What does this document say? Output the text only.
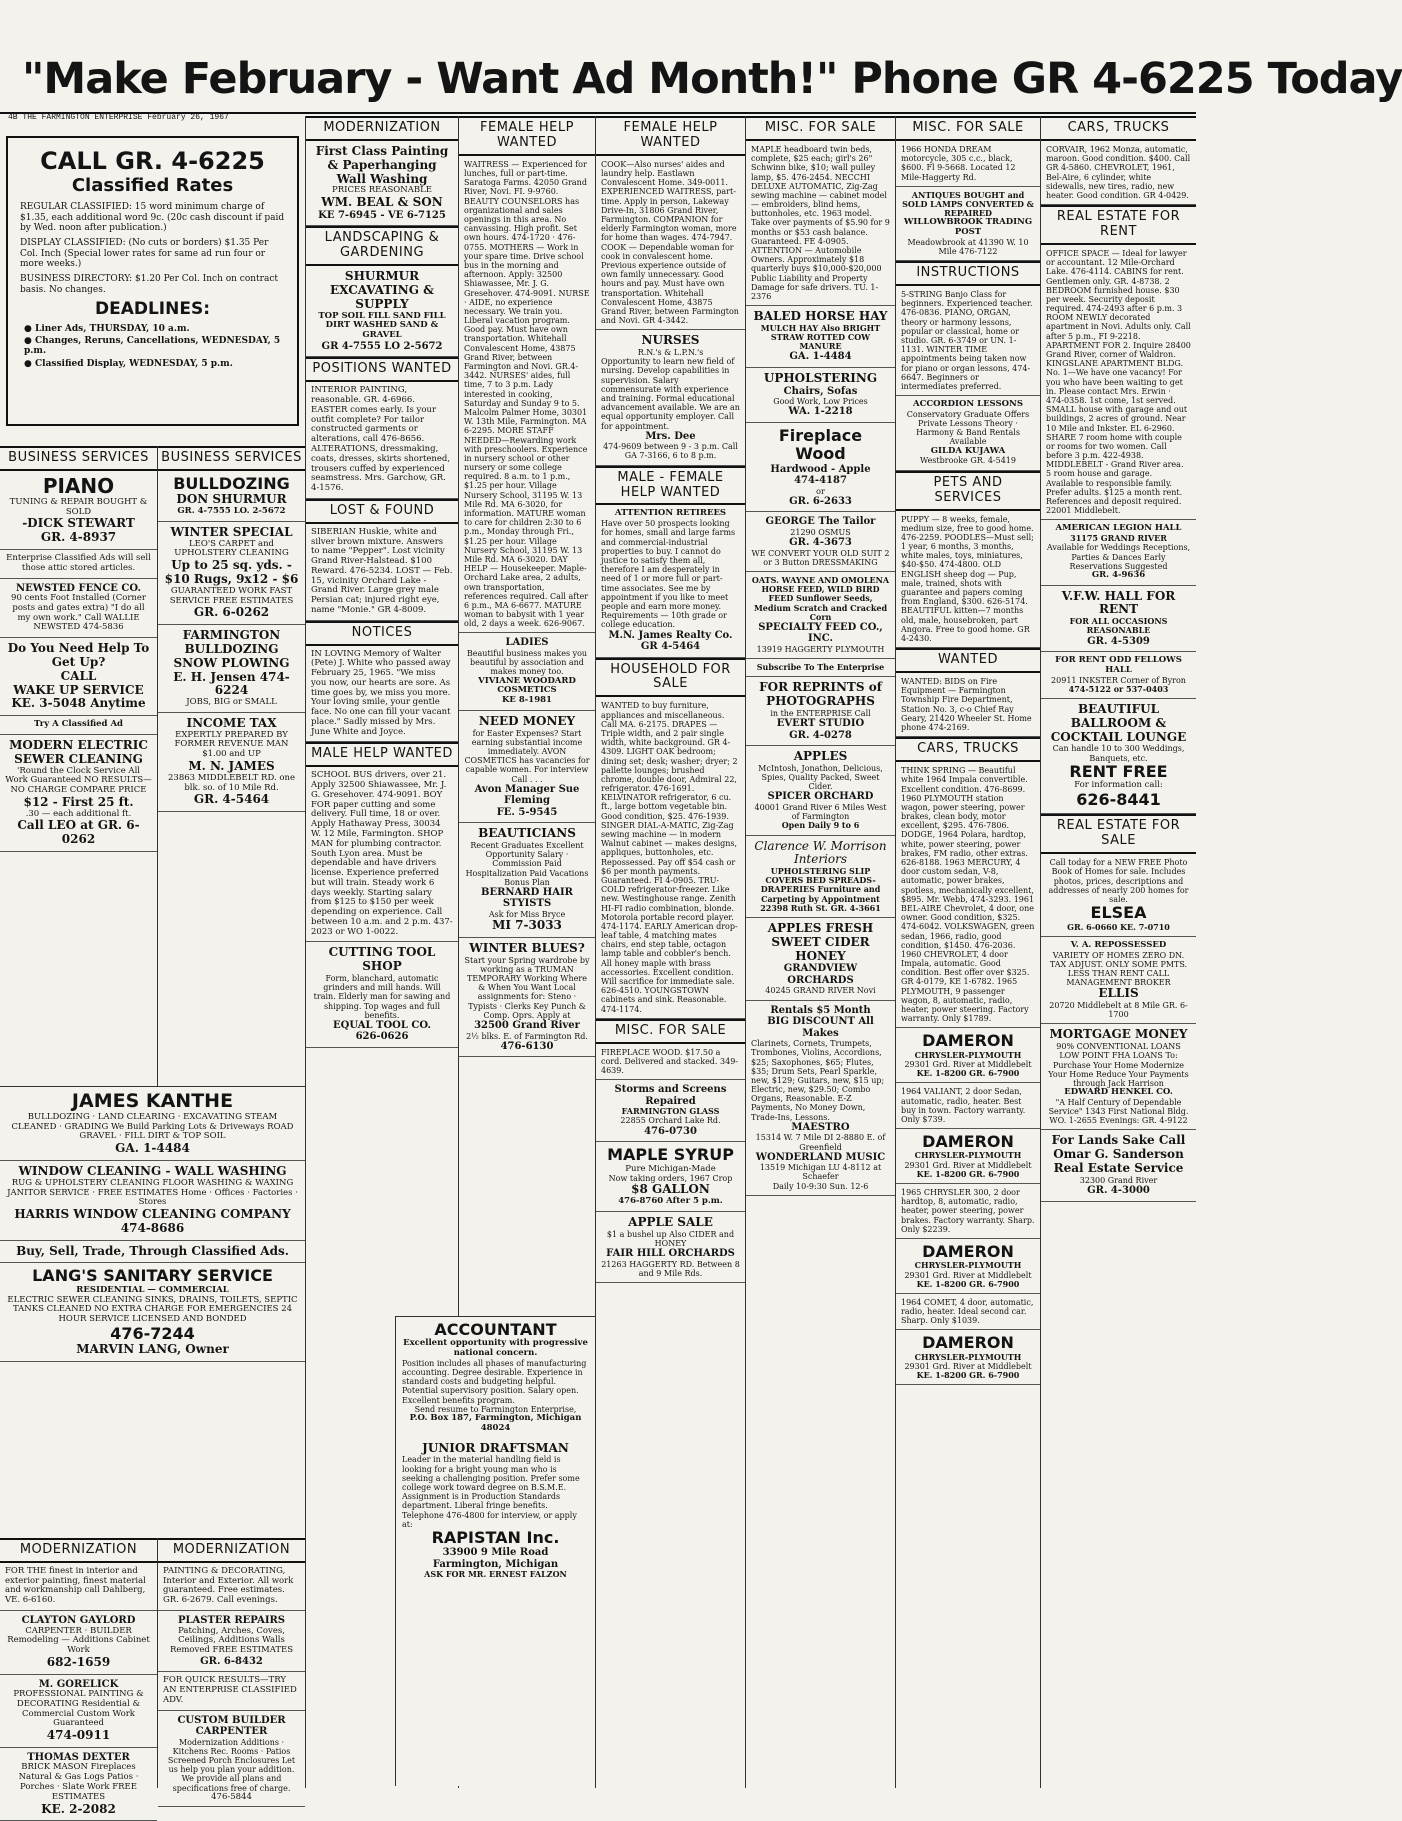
"Make February - Want Ad Month!" Phone GR 4-6225 Today
4B THE FARMINGTON ENTERPRISE February 26, 1967
CALL GR. 4-6225
Classified Rates

REGULAR CLASSIFIED: 15 word minimum charge of $1.35, each additional word 9c. (20c cash discount if paid by Wed. noon after publication.)

DISPLAY CLASSIFIED: (No cuts or borders) $1.35 Per Col. Inch (Special lower rates for same ad run four or more weeks.)

BUSINESS DIRECTORY: $1.20 Per Col. Inch on contract basis. No changes.

DEADLINES:
● Liner Ads, THURSDAY, 10 a.m.
● Changes, Reruns, Cancellations, WEDNESDAY, 5 p.m.
● Classified Display, WEDNESDAY, 5 p.m.
BUSINESS SERVICES
PIANO
TUNING & REPAIR BOUGHT & SOLD
-DICK STEWART
GR. 4-8937
Enterprise Classified Ads will sell those attic stored articles.
NEWSTED FENCE CO.
90 cents Foot Installed (Corner posts and gates extra) "I do all my own work." Call WALLIE NEWSTED 474-5836
Do You Need Help To Get Up?
CALL
WAKE UP SERVICE
KE. 3-5048 Anytime
Try A Classified Ad
MODERN ELECTRIC SEWER CLEANING
'Round the Clock Service All Work Guaranteed NO RESULTS—NO CHARGE COMPARE PRICE
$12 - First 25 ft.
.30 — each additional ft.
Call LEO at GR. 6-0262
BUSINESS SERVICES
BULLDOZING
DON SHURMUR
GR. 4-7555 LO. 2-5672
WINTER SPECIAL
LEO'S CARPET and UPHOLSTERY CLEANING
Up to 25 sq. yds. - $10 Rugs, 9x12 - $6
GUARANTEED WORK FAST SERVICE FREE ESTIMATES
GR. 6-0262
FARMINGTON BULLDOZING SNOW PLOWING
E. H. Jensen 474-6224
JOBS, BIG or SMALL
INCOME TAX
EXPERTLY PREPARED BY FORMER REVENUE MAN $1.00 and UP
M. N. JAMES
23863 MIDDLEBELT RD. one blk. so. of 10 Mile Rd.
GR. 4-5464
JAMES KANTHE
BULLDOZING · LAND CLEARING · EXCAVATING STEAM CLEANED · GRADING We Build Parking Lots & Driveways ROAD GRAVEL · FILL DIRT & TOP SOIL
GA. 1-4484
WINDOW CLEANING - WALL WASHING
RUG & UPHOLSTERY CLEANING FLOOR WASHING & WAXING JANITOR SERVICE · FREE ESTIMATES Home · Offices · Factories · Stores
HARRIS WINDOW CLEANING COMPANY
474-8686
Buy, Sell, Trade, Through Classified Ads.
LANG'S SANITARY SERVICE
RESIDENTIAL — COMMERCIAL
ELECTRIC SEWER CLEANING SINKS, DRAINS, TOILETS, SEPTIC TANKS CLEANED NO EXTRA CHARGE FOR EMERGENCIES 24 HOUR SERVICE LICENSED AND BONDED
476-7244
MARVIN LANG, Owner
MODERNIZATION
FOR THE finest in interior and exterior painting, finest material and workmanship call Dahlberg, VE. 6-6160.
CLAYTON GAYLORD
CARPENTER · BUILDER Remodeling — Additions Cabinet Work
682-1659
M. GORELICK
PROFESSIONAL PAINTING & DECORATING Residential & Commercial Custom Work Guaranteed
474-0911
THOMAS DEXTER
BRICK MASON Fireplaces Natural & Gas Logs Patios · Porches · Slate Work FREE ESTIMATES
KE. 2-2082
MODERNIZATION
PAINTING & DECORATING, Interior and Exterior. All work guaranteed. Free estimates. GR. 6-2679. Call evenings.
PLASTER REPAIRS
Patching, Arches, Coves, Ceilings, Additions Walls Removed FREE ESTIMATES
GR. 6-8432
FOR QUICK RESULTS—TRY AN ENTERPRISE CLASSIFIED ADV.
CUSTOM BUILDER CARPENTER
Modernization Additions · Kitchens Rec. Rooms · Patios Screened Porch Enclosures Let us help you plan your addition. We provide all plans and specifications free of charge.
476-5844
MODERNIZATION
First Class Painting & Paperhanging Wall Washing
PRICES REASONABLE
WM. BEAL & SON
KE 7-6945 - VE 6-7125
LANDSCAPING & GARDENING
SHURMUR EXCAVATING & SUPPLY
TOP SOIL FILL SAND FILL DIRT WASHED SAND & GRAVEL
GR 4-7555 LO 2-5672
POSITIONS WANTED
INTERIOR PAINTING, reasonable. GR. 4-6966. EASTER comes early. Is your outfit complete? For tailor constructed garments or alterations, call 476-8656. ALTERATIONS, dressmaking, coats, dresses, skirts shortened, trousers cuffed by experienced seamstress. Mrs. Garchow, GR. 4-1576.
LOST & FOUND
SIBERIAN Huskie, white and silver brown mixture. Answers to name "Pepper". Lost vicinity Grand River-Halstead. $100 Reward. 476-5234. LOST — Feb. 15, vicinity Orchard Lake - Grand River. Large grey male Persian cat; injured right eye, name "Monie." GR 4-8009.
NOTICES
IN LOVING Memory of Walter (Pete) J. White who passed away February 25, 1965. "We miss you now, our hearts are sore. As time goes by, we miss you more. Your loving smile, your gentle face. No one can fill your vacant place." Sadly missed by Mrs. June White and Joyce.
MALE HELP WANTED
SCHOOL BUS drivers, over 21. Apply 32500 Shiawassee, Mr. J. G. Gresehover. 474-9091. BOY FOR paper cutting and some delivery. Full time, 18 or over. Apply Hathaway Press, 30034 W. 12 Mile, Farmington. SHOP MAN for plumbing contractor. South Lyon area. Must be dependable and have drivers license. Experience preferred but will train. Steady work 6 days weekly. Starting salary from $125 to $150 per week depending on experience. Call between 10 a.m. and 2 p.m. 437-2023 or WO 1-0022.
CUTTING TOOL SHOP
Form, blanchard, automatic grinders and mill hands. Will train. Elderly man for sawing and shipping. Top wages and full benefits.
EQUAL TOOL CO.
626-0626
FEMALE HELP WANTED
WAITRESS — Experienced for lunches, full or part-time. Saratoga Farms. 42050 Grand River, Novi. FI. 9-9760. BEAUTY COUNSELORS has organizational and sales openings in this area. No canvassing. High profit. Set own hours. 474-1720 · 476-0755. MOTHERS — Work in your spare time. Drive school bus in the morning and afternoon. Apply: 32500 Shiawassee, Mr. J. G. Gresehover. 474-9091. NURSE · AIDE, no experience necessary. We train you. Liberal vacation program. Good pay. Must have own transportation. Whitehall Convalescent Home, 43875 Grand River, between Farmington and Novi. GR.4-3442. NURSES' aides, full time, 7 to 3 p.m. Lady interested in cooking, Saturday and Sunday 9 to 5. Malcolm Palmer Home, 30301 W. 13th Mile, Farmington. MA 6-2295. MORE STAFF NEEDED—Rewarding work with preschoolers. Experience in nursery school or other nursery or some college required. 8 a.m. to 1 p.m., $1.25 per hour. Village Nursery School, 31195 W. 13 Mile Rd. MA 6-3020, for information. MATURE woman to care for children 2:30 to 6 p.m., Monday through Fri., $1.25 per hour. Village Nursery School, 31195 W. 13 Mile Rd. MA 6-3020. DAY HELP — Housekeeper. Maple-Orchard Lake area, 2 adults, own transportation, references required. Call after 6 p.m., MA 6-6677. MATURE woman to babysit with 1 year old, 2 days a week. 626-9067.
LADIES
Beautiful business makes you beautiful by association and makes money too.
VIVIANE WOODARD COSMETICS
KE 8-1981
NEED MONEY
for Easter Expenses? Start earning substantial income immediately. AVON COSMETICS has vacancies for capable women. For interview Call . . .
Avon Manager Sue Fleming
FE. 5-9545
BEAUTICIANS
Recent Graduates Excellent Opportunity Salary · Commission Paid Hospitalization Paid Vacations Bonus Plan
BERNARD HAIR STYISTS
Ask for Miss Bryce
MI 7-3033
WINTER BLUES?
Start your Spring wardrobe by working as a TRUMAN TEMPORARY Working Where & When You Want Local assignments for: Steno · Typists · Clerks Key Punch & Comp. Oprs. Apply at
32500 Grand River
2½ blks. E. of Farmington Rd.
476-6130
FEMALE HELP WANTED
COOK—Also nurses' aides and laundry help. Eastlawn Convalescent Home. 349-0011. EXPERIENCED WAITRESS, part-time. Apply in person, Lakeway Drive-In, 31806 Grand River, Farmington. COMPANION for elderly Farmington woman, more for home than wages. 474-7947. COOK — Dependable woman for cook in convalescent home. Previous experience outside of own family unnecessary. Good hours and pay. Must have own transportation. Whitehall Convalescent Home, 43875 Grand River, between Farmington and Novi. GR 4-3442.
NURSES
R.N.'s & L.P.N.'s
Opportunity to learn new field of nursing. Develop capabilities in supervision. Salary commensurate with experience and training. Formal educational advancement available. We are an equal opportunity employer. Call for appointment.
Mrs. Dee
474-9609 between 9 - 3 p.m. Call GA 7-3166, 6 to 8 p.m.
MALE - FEMALE HELP WANTED
ATTENTION RETIREES
Have over 50 prospects looking for homes, small and large farms and commercial-industrial properties to buy. I cannot do justice to satisfy them all, therefore I am desperately in need of 1 or more full or part-time associates. See me by appointment if you like to meet people and earn more money. Requirements — 10th grade or college education.
M.N. James Realty Co.
GR 4-5464
HOUSEHOLD FOR SALE
WANTED to buy furniture, appliances and miscellaneous. Call MA. 6-2175. DRAPES — Triple width, and 2 pair single width, white background. GR 4-4309. LIGHT OAK bedroom; dining set; desk; washer; dryer; 2 pallette lounges; brushed chrome, double door, Admiral 22, refrigerator. 476-1691. KELVINATOR refrigerator, 6 cu. ft., large bottom vegetable bin. Good condition, $25. 476-1939. SINGER DIAL-A-MATIC, Zig-Zag sewing machine — in modern Walnut cabinet — makes designs, appliques, buttonholes, etc. Repossessed. Pay off $54 cash or $6 per month payments. Guaranteed. FI 4-0905. TRU-COLD refrigerator-freezer. Like new. Westinghouse range. Zenith HI-FI radio combination, blonde. Motorola portable record player. 474-1174. EARLY American drop-leaf table, 4 matching mates chairs, end step table, octagon lamp table and cobbler's bench. All honey maple with brass accessories. Excellent condition. Will sacrifice for immediate sale. 626-4510. YOUNGSTOWN cabinets and sink. Reasonable. 474-1174.
MISC. FOR SALE
FIREPLACE WOOD. $17.50 a cord. Delivered and stacked. 349-4639.
Storms and Screens Repaired
FARMINGTON GLASS
22855 Orchard Lake Rd.
476-0730
MAPLE SYRUP
Pure Michigan-Made
Now taking orders, 1967 Crop
$8 GALLON
476-8760 After 5 p.m.
APPLE SALE
$1 a bushel up Also CIDER and HONEY
FAIR HILL ORCHARDS
21263 HAGGERTY RD. Between 8 and 9 Mile Rds.
ACCOUNTANT
Excellent opportunity with progressive national concern.
Position includes all phases of manufacturing accounting. Degree desirable. Experience in standard costs and budgeting helpful. Potential supervisory position. Salary open. Excellent benefits program.
Send resume to Farmington Enterprise,
P.O. Box 187, Farmington, Michigan 48024
JUNIOR DRAFTSMAN
Leader in the material handling field is looking for a bright young man who is seeking a challenging position. Prefer some college work toward degree on B.S.M.E. Assignment is in Production Standards department. Liberal fringe benefits. Telephone 476-4800 for interview, or apply at:
RAPISTAN Inc.
33900 9 Mile Road
Farmington, Michigan
ASK FOR MR. ERNEST FALZON
MISC. FOR SALE
MAPLE headboard twin beds, complete, $25 each; girl's 26" Schwinn bike, $10; wall pulley lamp, $5. 476-2454. NECCHI DELUXE AUTOMATIC, Zig-Zag sewing machine — cabinet model — embroiders, blind hems, buttonholes, etc. 1963 model. Take over payments of $5.90 for 9 months or $53 cash balance. Guaranteed. FE 4-0905. ATTENTION — Automobile Owners. Approximately $18 quarterly buys $10,000-$20,000 Public Liability and Property Damage for safe drivers. TU. 1-2376
BALED HORSE HAY
MULCH HAY Also BRIGHT STRAW ROTTED COW MANURE
GA. 1-4484
UPHOLSTERING
Chairs, Sofas
Good Work, Low Prices
WA. 1-2218
Fireplace Wood
Hardwood - Apple
474-4187
or
GR. 6-2633
GEORGE The Tailor
21290 OSMUS
GR. 4-3673
WE CONVERT YOUR OLD SUIT 2 or 3 Button DRESSMAKING
OATS. WAYNE AND OMOLENA HORSE FEED, WILD BIRD FEED Sunflower Seeds, Medium Scratch and Cracked Corn
SPECIALTY FEED CO., INC.
13919 HAGGERTY PLYMOUTH
Subscribe To The Enterprise
FOR REPRINTS of PHOTOGRAPHS
in the ENTERPRISE Call
EVERT STUDIO
GR. 4-0278
APPLES
McIntosh, Jonathon, Delicious, Spies, Quality Packed, Sweet Cider.
SPICER ORCHARD
40001 Grand River 6 Miles West of Farmington
Open Daily 9 to 6
Clarence W. Morrison Interiors
UPHOLSTERING SLIP COVERS BED SPREADS-DRAPERIES Furniture and Carpeting by Appointment
22398 Ruth St. GR. 4-3661
APPLES FRESH SWEET CIDER HONEY
GRANDVIEW ORCHARDS
40245 GRAND RIVER Novi
Rentals $5 Month
BIG DISCOUNT All Makes
Clarinets, Cornets, Trumpets, Trombones, Violins, Accordions, $25; Saxophones, $65; Flutes, $35; Drum Sets, Pearl Sparkle, new, $129; Guitars, new, $15 up; Electric, new, $29.50; Combo Organs, Reasonable. E-Z Payments, No Money Down, Trade-Ins, Lessons.
MAESTRO
15314 W. 7 Mile DI 2-8880 E. of Greenfield
WONDERLAND MUSIC
13519 Michigan LU 4-8112 at Schaefer
Daily 10-9:30 Sun. 12-6
MISC. FOR SALE
1966 HONDA DREAM motorcycle, 305 c.c., black, $600. Fl 9-5668. Located 12 Mile-Haggerty Rd.
ANTIQUES BOUGHT and SOLD LAMPS CONVERTED & REPAIRED
WILLOWBROOK TRADING POST
Meadowbrook at 41390 W. 10 Mile 476-7122
INSTRUCTIONS
5-STRING Banjo Class for beginners. Experienced teacher. 476-0836. PIANO, ORGAN, theory or harmony lessons, popular or classical, home or studio. GR. 6-3749 or UN. 1-1131. WINTER TIME appointments being taken now for piano or organ lessons, 474-6647. Beginners or intermediates preferred.
ACCORDION LESSONS
Conservatory Graduate Offers Private Lessons Theory · Harmony & Band Rentals Available
GILDA KUJAWA
Westbrooke GR. 4-5419
PETS AND SERVICES
PUPPY — 8 weeks, female, medium size, free to good home. 476-2259. POODLES—Must sell; 1 year, 6 months, 3 months, white males, toys, miniatures, $40-$50. 474-4800. OLD ENGLISH sheep dog — Pup, male, trained, shots with guarantee and papers coming from England, $300. 626-5174. BEAUTIFUL kitten—7 months old, male, housebroken, part Angora. Free to good home. GR 4-2430.
WANTED
WANTED: BIDS on Fire Equipment — Farmington Township Fire Department, Station No. 3, c-o Chief Ray Geary, 21420 Wheeler St. Home phone 474-2169.
CARS, TRUCKS
THINK SPRING — Beautiful white 1964 Impala convertible. Excellent condition. 476-8699. 1960 PLYMOUTH station wagon, power steering, power brakes, clean body, motor excellent, $295. 476-7806. DODGE, 1964 Polara, hardtop, white, power steering, power brakes, FM radio, other extras. 626-8188. 1963 MERCURY, 4 door custom sedan, V-8, automatic, power brakes, spotless, mechanically excellent, $895. Mr. Webb, 474-3293. 1961 BEL-AIRE Chevrolet, 4 door, one owner. Good condition, $325. 474-6042. VOLKSWAGEN, green sedan, 1966, radio, good condition, $1450. 476-2036. 1960 CHEVROLET, 4 door Impala, automatic. Good condition. Best offer over $325. GR 4-0179, KE 1-6782. 1965 PLYMOUTH, 9 passenger wagon, 8, automatic, radio, heater, power steering. Factory warranty. Only $1789.
DAMERON
CHRYSLER-PLYMOUTH
29301 Grd. River at Middlebelt
KE. 1-8200 GR. 6-7900
1964 VALIANT, 2 door Sedan, automatic, radio, heater. Best buy in town. Factory warranty. Only $739.
DAMERON
CHRYSLER-PLYMOUTH
29301 Grd. River at Middlebelt
KE. 1-8200 GR. 6-7900
1965 CHRYSLER 300, 2 door hardtop, 8, automatic, radio, heater, power steering, power brakes. Factory warranty. Sharp. Only $2239.
DAMERON
CHRYSLER-PLYMOUTH
29301 Grd. River at Middlebelt
KE. 1-8200 GR. 6-7900
1964 COMET, 4 door, automatic, radio, heater. Ideal second car. Sharp. Only $1039.
DAMERON
CHRYSLER-PLYMOUTH
29301 Grd. River at Middlebelt
KE. 1-8200 GR. 6-7900
CARS, TRUCKS
CORVAIR, 1962 Monza, automatic, maroon. Good condition. $400. Call GR 4-5860. CHEVROLET, 1961, Bel-Aire, 6 cylinder, white sidewalls, new tires, radio, new heater. Good condition. GR 4-0429.
REAL ESTATE FOR RENT
OFFICE SPACE — Ideal for lawyer or accountant. 12 Mile-Orchard Lake. 476-4114. CABINS for rent. Gentlemen only. GR. 4-8738. 2 BEDROOM furnished house. $30 per week. Security deposit required. 474-2493 after 6 p.m. 3 ROOM NEWLY decorated apartment in Novi. Adults only. Call after 5 p.m., FI 9-2218. APARTMENT FOR 2. Inquire 28400 Grand River, corner of Waldron. KINGSLANE APARTMENT BLDG. No. 1—We have one vacancy! For you who have been waiting to get in. Please contact Mrs. Erwin · 474-0358. 1st come, 1st served. SMALL house with garage and out buildings, 2 acres of ground. Near 10 Mile and Inkster. EL 6-2960. SHARE 7 room home with couple or rooms for two women. Call before 3 p.m. 422-4938. MIDDLEBELT - Grand River area. 5 room house and garage. Available to responsible family. Prefer adults. $125 a month rent. References and deposit required. 22001 Middlebelt.
AMERICAN LEGION HALL
31175 GRAND RIVER
Available for Weddings Receptions, Parties & Dances Early Reservations Suggested
GR. 4-9636
V.F.W. HALL FOR RENT
FOR ALL OCCASIONS REASONABLE
GR. 4-5309
FOR RENT ODD FELLOWS HALL
20911 INKSTER Corner of Byron
474-5122 or 537-0403
BEAUTIFUL BALLROOM & COCKTAIL LOUNGE
Can handle 10 to 300 Weddings, Banquets, etc.
RENT FREE
For information call:
626-8441
REAL ESTATE FOR SALE
Call today for a NEW FREE Photo Book of Homes for sale. Includes photos, prices, descriptions and addresses of nearly 200 homes for sale.
ELSEA
GR. 6-0660 KE. 7-0710
V. A. REPOSSESSED
VARIETY OF HOMES ZERO DN. TAX ADJUST. ONLY SOME PMTS. LESS THAN RENT CALL MANAGEMENT BROKER
ELLIS
20720 Middlebelt at 8 Mile GR. 6-1700
MORTGAGE MONEY
90% CONVENTIONAL LOANS LOW POINT FHA LOANS To: Purchase Your Home Modernize Your Home Reduce Your Payments through Jack Harrison
EDWARD HENKEL CO.
"A Half Century of Dependable Service" 1343 First National Bldg. WO. 1-2655 Evenings: GR. 4-9122
For Lands Sake Call
Omar G. Sanderson
Real Estate Service
32300 Grand River
GR. 4-3000
